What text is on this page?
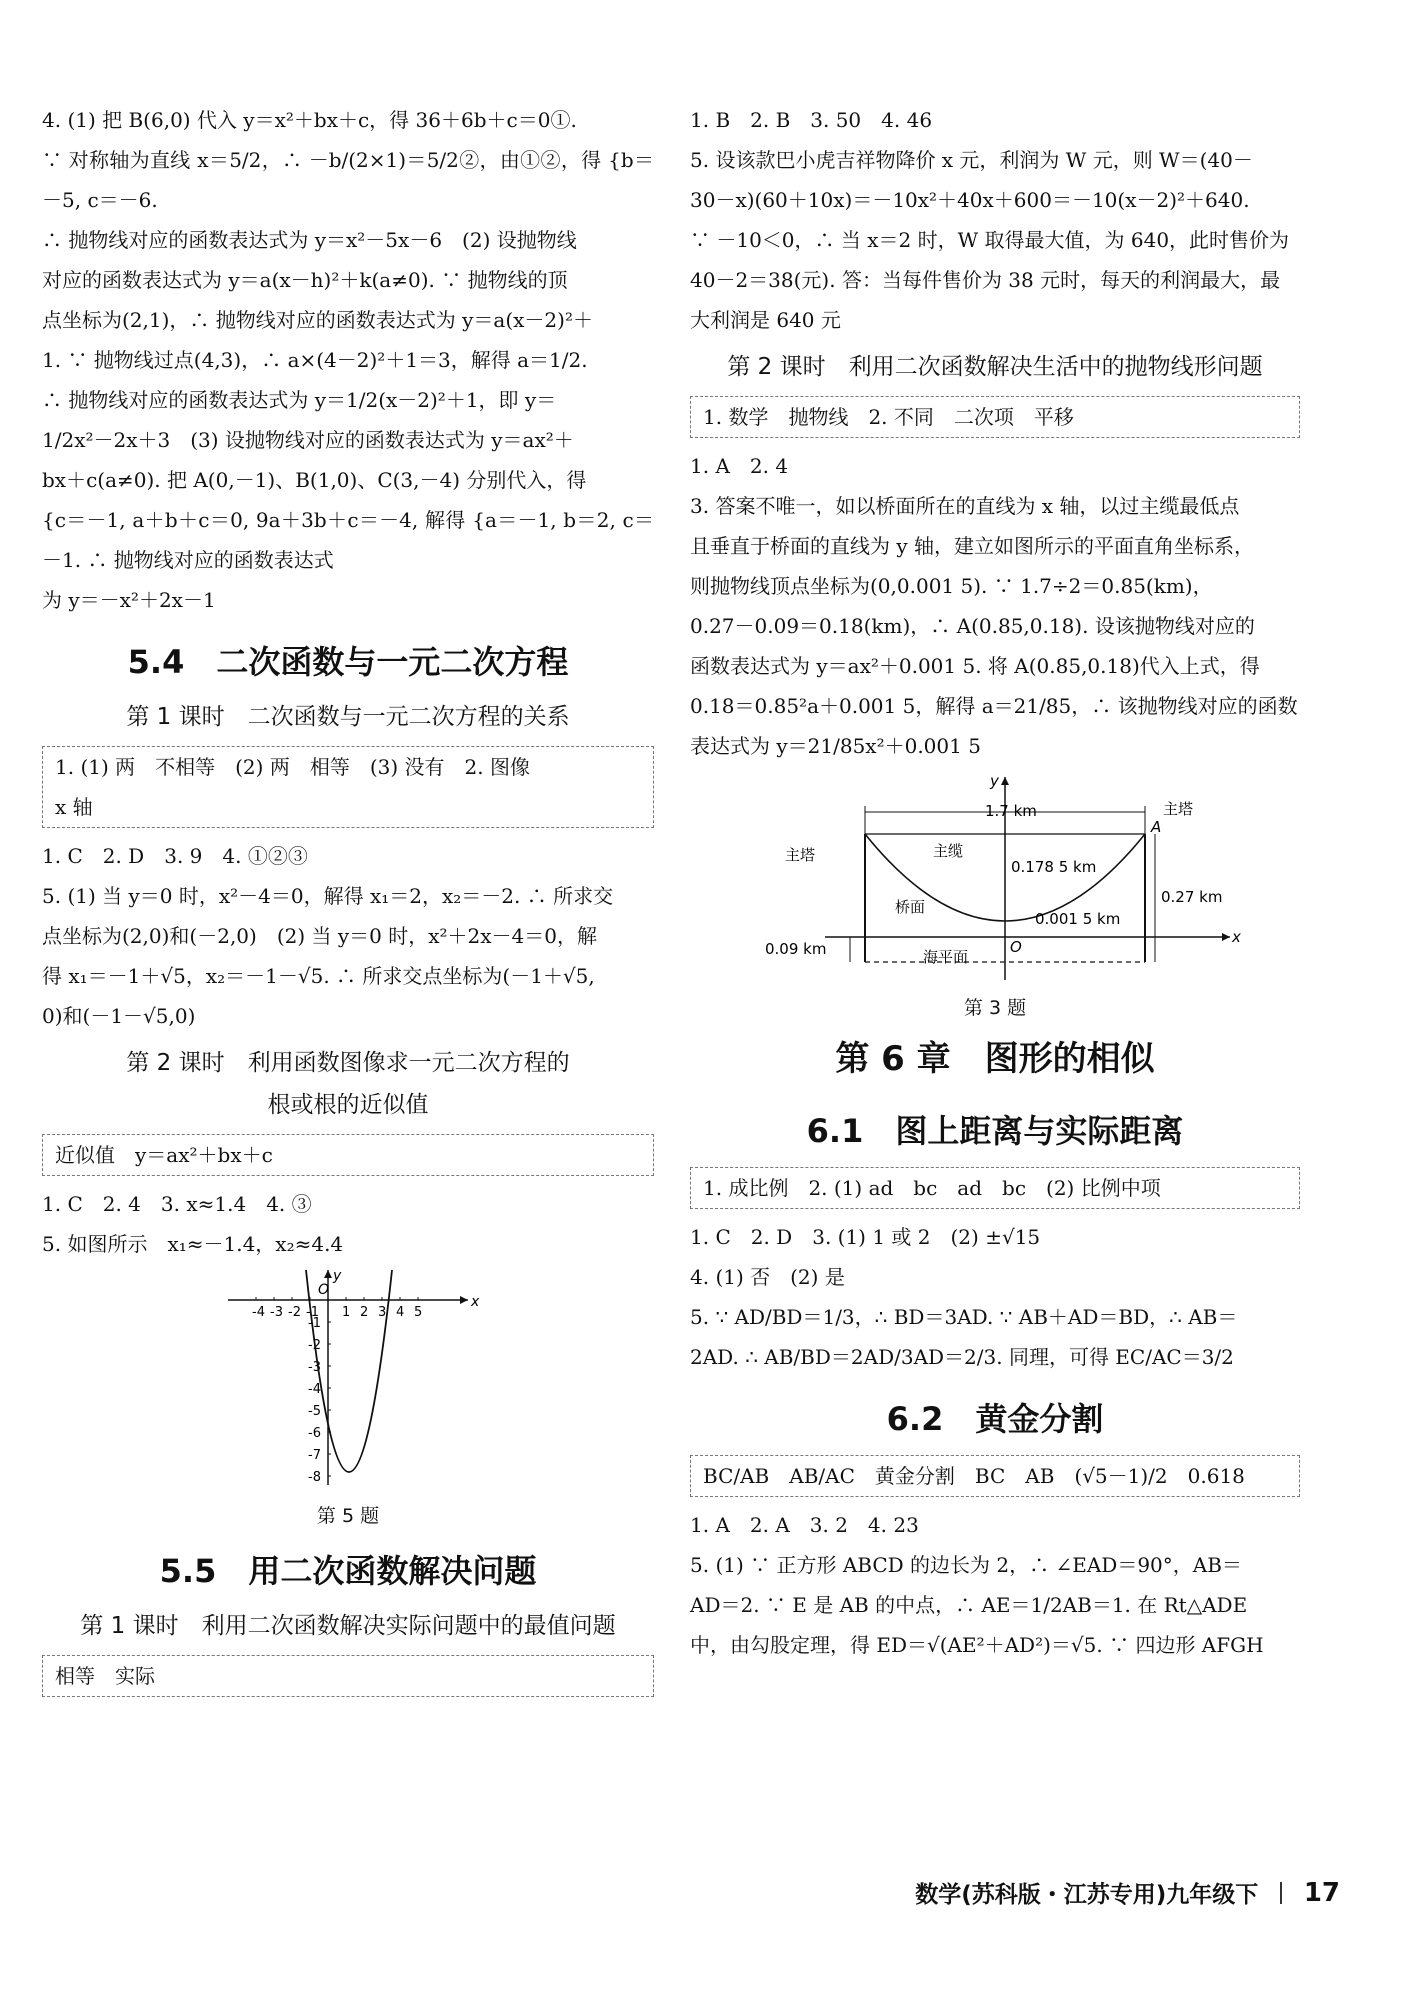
4. (1) 把 B(6,0) 代入 y＝x²＋bx＋c，得 36＋6b＋c＝0①.

∵ 对称轴为直线 x＝5/2，∴ －b/(2×1)＝5/2②，由①②，得 {b＝－5, c＝－6.

∴ 抛物线对应的函数表达式为 y＝x²－5x－6　(2) 设抛物线

对应的函数表达式为 y＝a(x－h)²＋k(a≠0). ∵ 抛物线的顶

点坐标为(2,1)，∴ 抛物线对应的函数表达式为 y＝a(x－2)²＋

1. ∵ 抛物线过点(4,3)，∴ a×(4－2)²＋1＝3，解得 a＝1/2.

∴ 抛物线对应的函数表达式为 y＝1/2(x－2)²＋1，即 y＝

1/2x²－2x＋3　(3) 设抛物线对应的函数表达式为 y＝ax²＋

bx＋c(a≠0). 把 A(0,－1)、B(1,0)、C(3,－4) 分别代入，得

{c＝－1, a＋b＋c＝0, 9a＋3b＋c＝－4, 解得 {a＝－1, b＝2, c＝－1. ∴ 抛物线对应的函数表达式

为 y＝－x²＋2x－1

5.4　二次函数与一元二次方程
第 1 课时　二次函数与一元二次方程的关系

1. (1) 两　不相等　(2) 两　相等　(3) 没有　2. 图像

x 轴

1. C　2. D　3. 9　4. ①②③

5. (1) 当 y＝0 时，x²－4＝0，解得 x₁＝2，x₂＝－2. ∴ 所求交

点坐标为(2,0)和(－2,0)　(2) 当 y＝0 时，x²＋2x－4＝0，解

得 x₁＝－1＋√5，x₂＝－1－√5. ∴ 所求交点坐标为(－1＋√5,

0)和(－1－√5,0)

第 2 课时　利用函数图像求一元二次方程的
根或根的近似值
近似值　y＝ax²＋bx＋c

1. C　2. 4　3. x≈1.4　4. ③

5. 如图所示　x₁≈－1.4，x₂≈4.4

x
y
O
-4 -3 -2 -1 1 2 3 4 5
-1
-2
-3
-4
-5
-6
-7
-8
第 5 题
5.5　用二次函数解决问题
第 1 课时　利用二次函数解决实际问题中的最值问题
相等　实际

1. B　2. B　3. 50　4. 46

5. 设该款巴小虎吉祥物降价 x 元，利润为 W 元，则 W＝(40－

30－x)(60＋10x)＝－10x²＋40x＋600＝－10(x－2)²＋640.

∵ －10＜0，∴ 当 x＝2 时，W 取得最大值，为 640，此时售价为

40－2＝38(元). 答：当每件售价为 38 元时，每天的利润最大，最

大利润是 640 元

第 2 课时　利用二次函数解决生活中的抛物线形问题
1. 数学　抛物线　2. 不同　二次项　平移

1. A　2. 4

3. 答案不唯一，如以桥面所在的直线为 x 轴，以过主缆最低点

且垂直于桥面的直线为 y 轴，建立如图所示的平面直角坐标系，

则抛物线顶点坐标为(0,0.001 5). ∵ 1.7÷2＝0.85(km)，

0.27－0.09＝0.18(km)，∴ A(0.85,0.18). 设该抛物线对应的

函数表达式为 y＝ax²＋0.001 5. 将 A(0.85,0.18)代入上式，得

0.18＝0.85²a＋0.001 5，解得 a＝21/85，∴ 该抛物线对应的函数

表达式为 y＝21/85x²＋0.001 5

x
y
O
1.7 km
主塔
主塔
A
主缆
桥面
海平面
0.178 5 km
0.001 5 km
0.27 km
0.09 km
第 3 题
第 6 章　图形的相似
6.1　图上距离与实际距离
1. 成比例　2. (1) ad　bc　ad　bc　(2) 比例中项

1. C　2. D　3. (1) 1 或 2　(2) ±√15

4. (1) 否　(2) 是

5. ∵ AD/BD＝1/3，∴ BD＝3AD. ∵ AB＋AD＝BD，∴ AB＝

2AD. ∴ AB/BD＝2AD/3AD＝2/3. 同理，可得 EC/AC＝3/2

6.2　黄金分割
BC/AB　AB/AC　黄金分割　BC　AB　(√5－1)/2　0.618

1. A　2. A　3. 2　4. 23

5. (1) ∵ 正方形 ABCD 的边长为 2，∴ ∠EAD＝90°，AB＝

AD＝2. ∵ E 是 AB 的中点，∴ AE＝1/2AB＝1. 在 Rt△ADE

中，由勾股定理，得 ED＝√(AE²＋AD²)＝√5. ∵ 四边形 AFGH

数学(苏科版・江苏专用)九年级下 17
